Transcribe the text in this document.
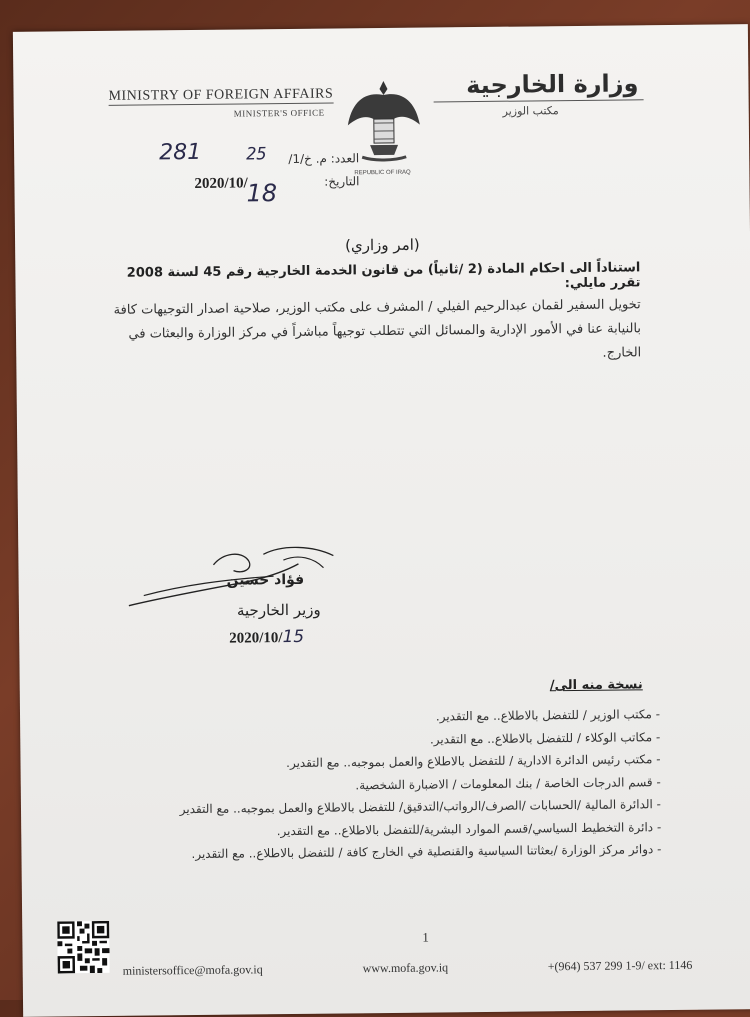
MINISTRY OF FOREIGN AFFAIRS
MINISTER'S OFFICE
REPUBLIC OF IRAQ
وزارة الخارجية
مكتب الوزير
العدد: م. خ/1/
25
281
التاريخ:
2020/10/
18
(امر وزاري)
استناداً الى احكام المادة (2 /ثانياً) من قانون الخدمة الخارجية رقم 45 لسنة 2008 تقرر مايلي:
تخويل السفير لقمان عبدالرحيم الفيلي / المشرف على مكتب الوزير، صلاحية اصدار التوجيهات كافة بالنيابة عنا في الأمور الإدارية والمسائل التي تتطلب توجيهاً مباشراً في مركز الوزارة والبعثات في الخارج.
فؤاد حسين
وزير الخارجية
2020/10/15
نسخة منه الى/
- مكتب الوزير / للتفضل بالاطلاع.. مع التقدير.
- مكاتب الوكلاء / للتفضل بالاطلاع.. مع التقدير.
- مكتب رئيس الدائرة الادارية / للتفضل بالاطلاع والعمل بموجبه.. مع التقدير.
- قسم الدرجات الخاصة / بنك المعلومات / الاضبارة الشخصية.
- الدائرة المالية /الحسابات /الصرف/الرواتب/التدقيق/ للتفضل بالاطلاع والعمل بموجبه.. مع التقدير
- دائرة التخطيط السياسي/قسم الموارد البشرية/للتفضل بالاطلاع.. مع التقدير.
- دوائر مركز الوزارة /بعثاتنا السياسية والقنصلية في الخارج كافة / للتفضل بالاطلاع.. مع التقدير.
1
ministersoffice@mofa.gov.iq	www.mofa.gov.iq	+(964) 537 299 1-9/ ext: 1146
